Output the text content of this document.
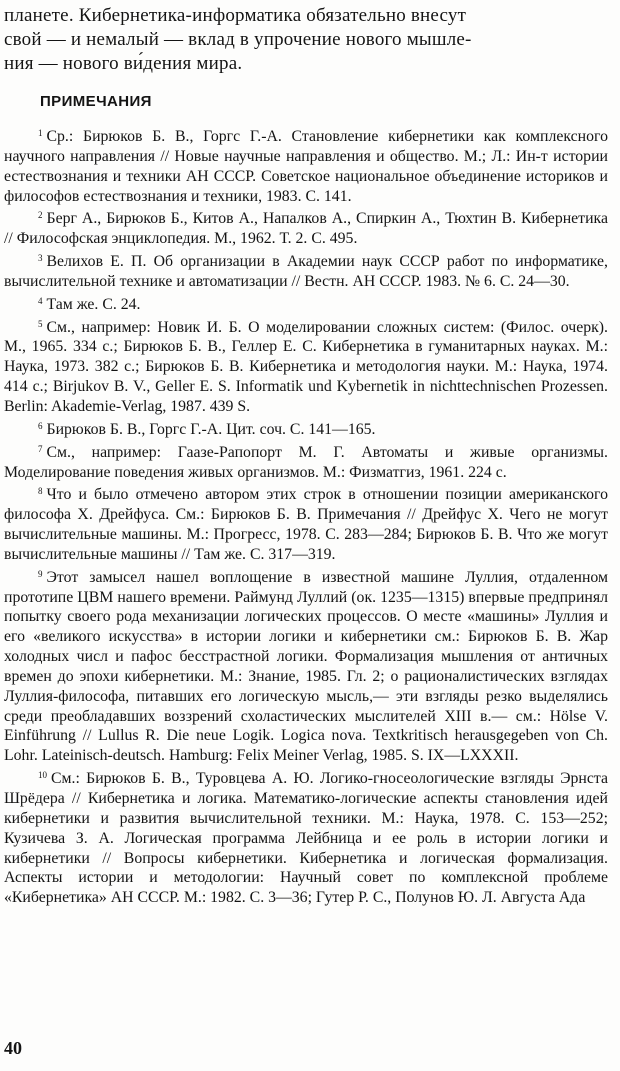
планете. Кибернетика-информатика обязательно внесут
свой — и немалый — вклад в упрочение нового мышле-
ния — нового ви́дения мира.
ПРИМЕЧАНИЯ

$^1$ Ср.: Бирюков Б. В., Горгс Г.-А. Становление кибернетики как комплексного научного направления // Новые научные направления и общество. М.; Л.: Ин-т истории естествознания и техники АН СССР. Советское национальное объединение историков и философов естествознания и техники, 1983. С. 141.

$^2$ Берг А., Бирюков Б., Китов А., Напалков А., Спиркин А., Тюхтин В. Кибернетика // Философская энциклопедия. М., 1962. Т. 2. С. 495.

$^3$ Велихов Е. П. Об организации в Академии наук СССР работ по информатике, вычислительной технике и автоматизации // Вестн. АН СССР. 1983. № 6. С. 24—30.

$^4$ Там же. С. 24.

$^5$ См., например: Новик И. Б. О моделировании сложных систем: (Филос. очерк). М., 1965. 334 с.; Бирюков Б. В., Геллер Е. С. Кибернетика в гуманитарных науках. М.: Наука, 1973. 382 с.; Бирюков Б. В. Кибернетика и методология науки. М.: Наука, 1974. 414 с.; Birjukov B. V., Geller E. S. Informatik und Kybernetik in nichttechnischen Prozessen. Berlin: Akademie-Verlag, 1987. 439 S.

$^6$ Бирюков Б. В., Горгс Г.-А. Цит. соч. С. 141—165.

$^7$ См., например: Гаазе-Рапопорт М. Г. Автоматы и живые организмы. Моделирование поведения живых организмов. М.: Физматгиз, 1961. 224 с.

$^8$ Что и было отмечено автором этих строк в отношении позиции американского философа Х. Дрейфуса. См.: Бирюков Б. В. Примечания // Дрейфус Х. Чего не могут вычислительные машины. М.: Прогресс, 1978. С. 283—284; Бирюков Б. В. Что же могут вычислительные машины // Там же. С. 317—319.

$^9$ Этот замысел нашел воплощение в известной машине Луллия, отдаленном прототипе ЦВМ нашего времени. Раймунд Луллий (ок. 1235—1315) впервые предпринял попытку своего рода механизации логических процессов. О месте «машины» Луллия и его «великого искусства» в истории логики и кибернетики см.: Бирюков Б. В. Жар холодных числ и пафос бесстрастной логики. Формализация мышления от античных времен до эпохи кибернетики. М.: Знание, 1985. Гл. 2; о рационалистических взглядах Луллия-философа, питавших его логическую мысль,— эти взгляды резко выделялись среди преобладавших воззрений схоластических мыслителей XIII в.— см.: Hölse V. Einführung // Lullus R. Die neue Logik. Logica nova. Textkritisch herausgegeben von Ch. Lohr. Lateinisch-deutsch. Hamburg: Felix Meiner Verlag, 1985. S. IX—LXXXII.

$^{10}$ См.: Бирюков Б. В., Туровцева А. Ю. Логико-гносеологические взгляды Эрнста Шрёдера // Кибернетика и логика. Математико-логические аспекты становления идей кибернетики и развития вычислительной техники. М.: Наука, 1978. С. 153—252; Кузичева З. А. Логическая программа Лейбница и ее роль в истории логики и кибернетики // Вопросы кибернетики. Кибернетика и логическая формализация. Аспекты истории и методологии: Научный совет по комплексной проблеме «Кибернетика» АН СССР. М.: 1982. С. 3—36; Гутер Р. С., Полунов Ю. Л. Августа Ада

40
